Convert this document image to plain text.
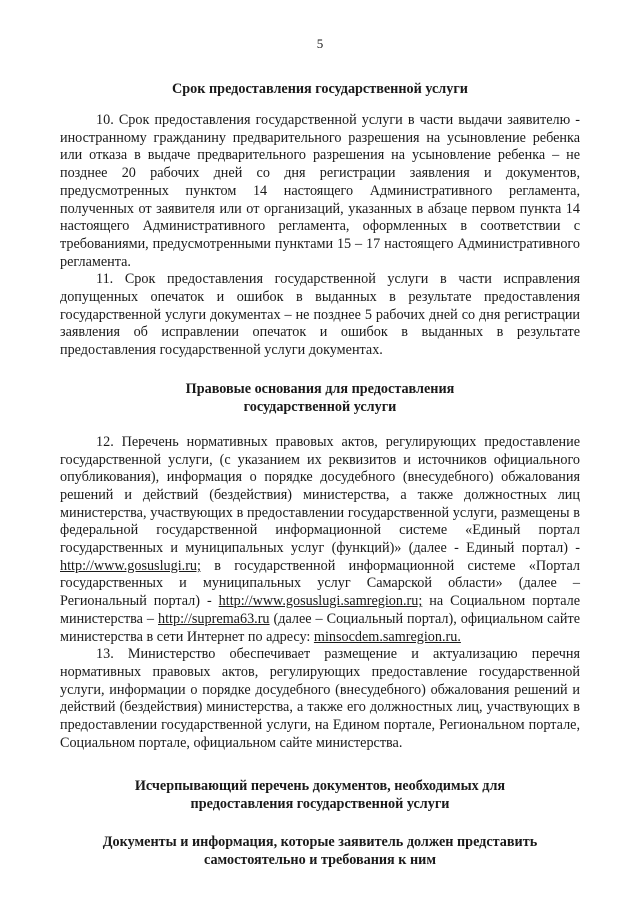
5
Срок предоставления государственной услуги

10. Срок предоставления государственной услуги в части выдачи заявителю - иностранному гражданину предварительного разрешения на усыновление ребенка или отказа в выдаче предварительного разрешения на усыновление ребенка – не позднее 20 рабочих дней со дня регистрации заявления и документов, предусмотренных пунктом 14 настоящего Административного регламента, полученных от заявителя или от организаций, указанных в абзаце первом пункта 14 настоящего Административного регламента, оформленных в соответствии с требованиями, предусмотренными пунктами 15 – 17 настоящего Административного регламента.

11. Срок предоставления государственной услуги в части исправления допущенных опечаток и ошибок в выданных в результате предоставления государственной услуги документах – не позднее 5 рабочих дней со дня регистрации заявления об исправлении опечаток и ошибок в выданных в результате предоставления государственной услуги документах.

Правовые основания для предоставления
государственной услуги

12. Перечень нормативных правовых актов, регулирующих предоставление государственной услуги, (с указанием их реквизитов и источников официального опубликования), информация о порядке досудебного (внесудебного) обжалования решений и действий (бездействия) министерства, а также должностных лиц министерства, участвующих в предоставлении государственной услуги, размещены в федеральной государственной информационной системе «Единый портал государственных и муниципальных услуг (функций)» (далее - Единый портал) - http://www.gosuslugi.ru; в государственной информационной системе «Портал государственных и муниципальных услуг Самарской области» (далее – Региональный портал) - http://www.gosuslugi.samregion.ru; на Социальном портале министерства – http://suprema63.ru (далее – Социальный портал), официальном сайте министерства в сети Интернет по адресу: minsocdem.samregion.ru.

13. Министерство обеспечивает размещение и актуализацию перечня нормативных правовых актов, регулирующих предоставление государственной услуги, информации о порядке досудебного (внесудебного) обжалования решений и действий (бездействия) министерства, а также его должностных лиц, участвующих в предоставлении государственной услуги, на Едином портале, Региональном портале, Социальном портале, официальном сайте министерства.

Исчерпывающий перечень документов, необходимых для
предоставления государственной услуги
Документы и информация, которые заявитель должен представить
самостоятельно и требования к ним
